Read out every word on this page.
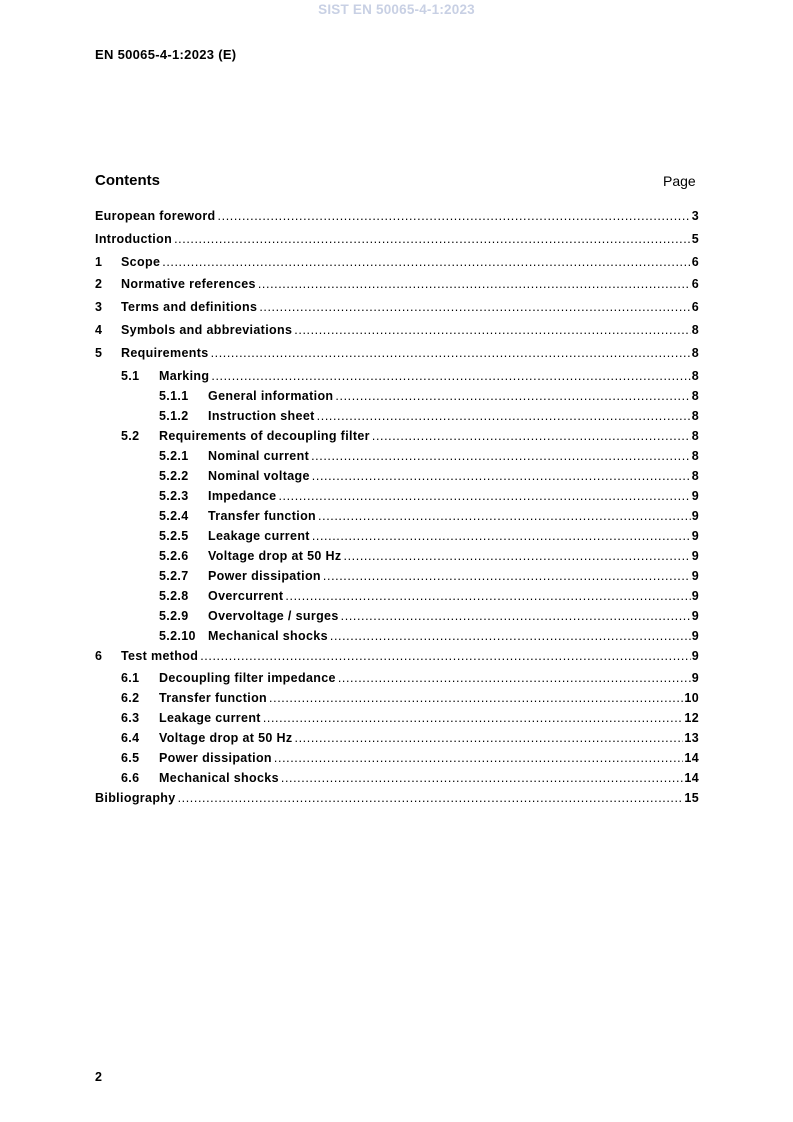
SIST EN 50065-4-1:2023
EN 50065-4-1:2023 (E)
Contents	Page
European foreword .....	3
Introduction .....	5
1	Scope .....	6
2	Normative references .....	6
3	Terms and definitions .....	6
4	Symbols and abbreviations .....	8
5	Requirements .....	8
5.1	Marking .....	8
5.1.1	General information .....	8
5.1.2	Instruction sheet .....	8
5.2	Requirements of decoupling filter .....	8
5.2.1	Nominal current .....	8
5.2.2	Nominal voltage .....	8
5.2.3	Impedance .....	9
5.2.4	Transfer function .....	9
5.2.5	Leakage current .....	9
5.2.6	Voltage drop at 50 Hz .....	9
5.2.7	Power dissipation .....	9
5.2.8	Overcurrent .....	9
5.2.9	Overvoltage / surges .....	9
5.2.10 Mechanical shocks .....	9
6	Test method .....	9
6.1	Decoupling filter impedance .....	9
6.2	Transfer function .....	10
6.3	Leakage current .....	12
6.4	Voltage drop at 50 Hz .....	13
6.5	Power dissipation .....	14
6.6	Mechanical shocks .....	14
Bibliography .....	15
2
